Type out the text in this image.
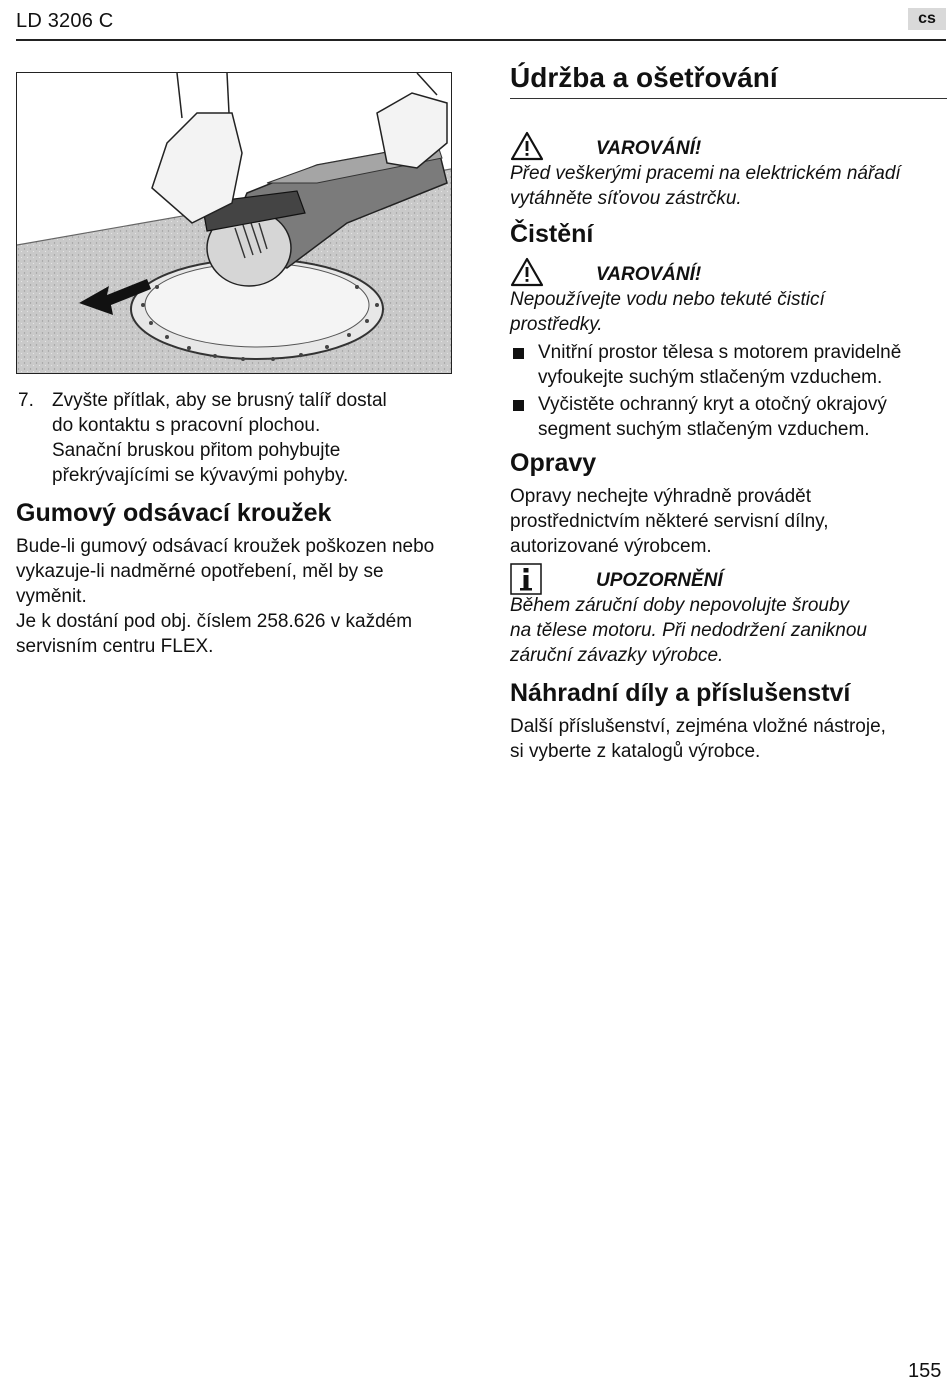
LD 3206 C	cs
7. Zvyšte přítlak, aby se brusný talíř dostal

do kontaktu s pracovní plochou.

Sanační bruskou přitom pohybujte

překrývajícími se kývavými pohyby.

Gumový odsávací kroužek

Bude-li gumový odsávací kroužek poškozen nebo

vykazuje-li nadměrné opotřebení, měl by se

vyměnit.

Je k dostání pod obj. číslem 258.626 v každém

servisním centru FLEX.

Údržba a ošetřování
VAROVÁNÍ!

Před veškerými pracemi na elektrickém nářadí

vytáhněte síťovou zástrčku.

Čistění
VAROVÁNÍ!

Nepoužívejte vodu nebo tekuté čisticí

prostředky.

Vnitřní prostor tělesa s motorem pravidelně
vyfoukejte suchým stlačeným vzduchem.
Vyčistěte ochranný kryt a otočný okrajový
segment suchým stlačeným vzduchem.
Opravy

Opravy nechejte výhradně provádět

prostřednictvím některé servisní dílny,

autorizované výrobcem.

UPOZORNĚNÍ

Během záruční doby nepovolujte šrouby

na tělese motoru. Při nedodržení zaniknou

záruční závazky výrobce.

Náhradní díly a příslušenství

Další příslušenství, zejména vložné nástroje,

si vyberte z katalogů výrobce.

155
